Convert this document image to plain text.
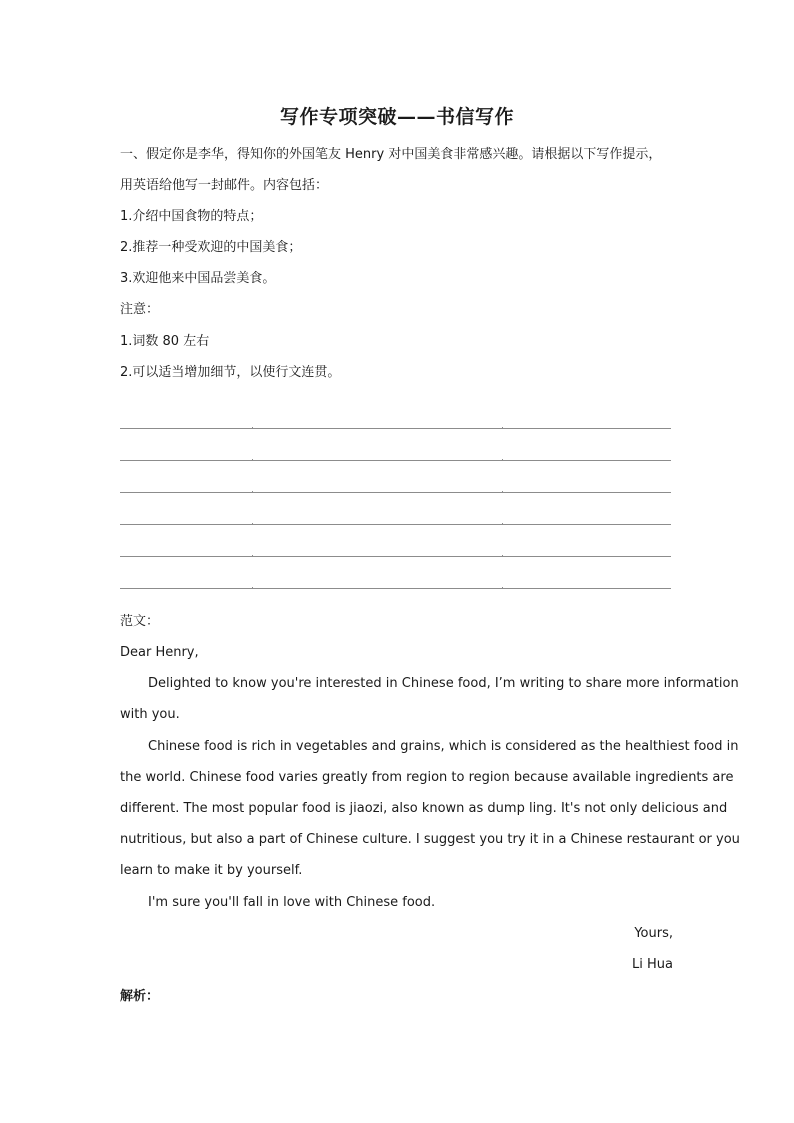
写作专项突破——书信写作
一、假定你是李华，得知你的外国笔友 Henry 对中国美食非常感兴趣。请根据以下写作提示，
用英语给他写一封邮件。内容包括：
1.介绍中国食物的特点；
2.推荐一种受欢迎的中国美食；
3.欢迎他来中国品尝美食。
注意：
1.词数 80 左右
2.可以适当增加细节，以使行文连贯。
范文：
Dear Henry,
Delighted to know you're interested in Chinese food, I’m writing to share more information
with you.
Chinese food is rich in vegetables and grains, which is considered as the healthiest food in
the world. Chinese food varies greatly from region to region because available ingredients are
different. The most popular food is jiaozi, also known as dump ling. It's not only delicious and
nutritious, but also a part of Chinese culture. I suggest you try it in a Chinese restaurant or you
learn to make it by yourself.
I'm sure you'll fall in love with Chinese food.
Yours,
Li Hua
解析：
